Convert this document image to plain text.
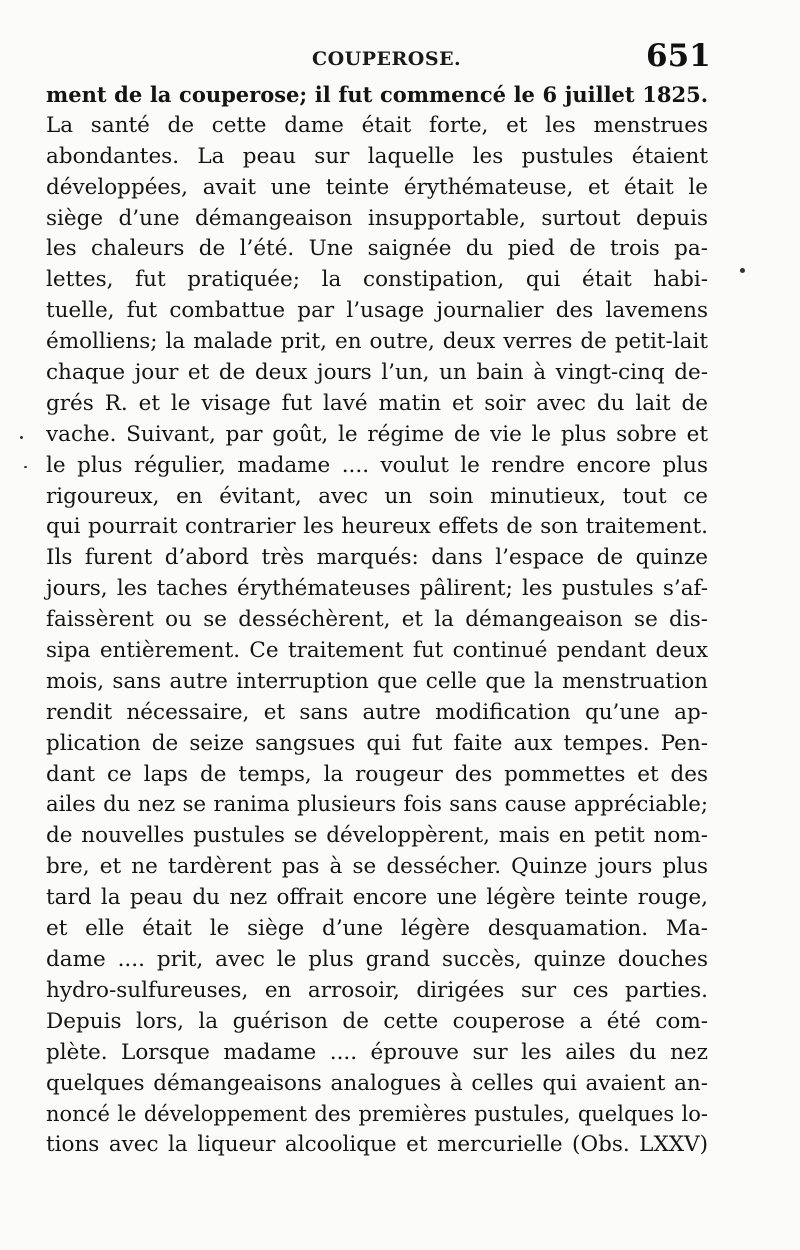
COUPEROSE.	651
ment de la couperose; il fut commencé le 6 juillet 1825.
La santé de cette dame était forte, et les menstrues
abondantes. La peau sur laquelle les pustules étaient
développées, avait une teinte érythémateuse, et était le
siège d’une démangeaison insupportable, surtout depuis
les chaleurs de l’été. Une saignée du pied de trois pa-
lettes, fut pratiquée; la constipation, qui était habi-
tuelle, fut combattue par l’usage journalier des lavemens
émolliens; la malade prit, en outre, deux verres de petit-lait
chaque jour et de deux jours l’un, un bain à vingt-cinq de-
grés R. et le visage fut lavé matin et soir avec du lait de
vache. Suivant, par goût, le régime de vie le plus sobre et
le plus régulier, madame .... voulut le rendre encore plus
rigoureux, en évitant, avec un soin minutieux, tout ce
qui pourrait contrarier les heureux effets de son traitement.
Ils furent d’abord très marqués: dans l’espace de quinze
jours, les taches érythémateuses pâlirent; les pustules s’af-
faissèrent ou se desséchèrent, et la démangeaison se dis-
sipa entièrement. Ce traitement fut continué pendant deux
mois, sans autre interruption que celle que la menstruation
rendit nécessaire, et sans autre modification qu’une ap-
plication de seize sangsues qui fut faite aux tempes. Pen-
dant ce laps de temps, la rougeur des pommettes et des
ailes du nez se ranima plusieurs fois sans cause appréciable;
de nouvelles pustules se développèrent, mais en petit nom-
bre, et ne tardèrent pas à se dessécher. Quinze jours plus
tard la peau du nez offrait encore une légère teinte rouge,
et elle était le siège d’une légère desquamation. Ma-
dame .... prit, avec le plus grand succès, quinze douches
hydro-sulfureuses, en arrosoir, dirigées sur ces parties.
Depuis lors, la guérison de cette couperose a été com-
plète. Lorsque madame .... éprouve sur les ailes du nez
quelques démangeaisons analogues à celles qui avaient an-
noncé le développement des premières pustules, quelques lo-
tions avec la liqueur alcoolique et mercurielle (Obs. LXXV)
